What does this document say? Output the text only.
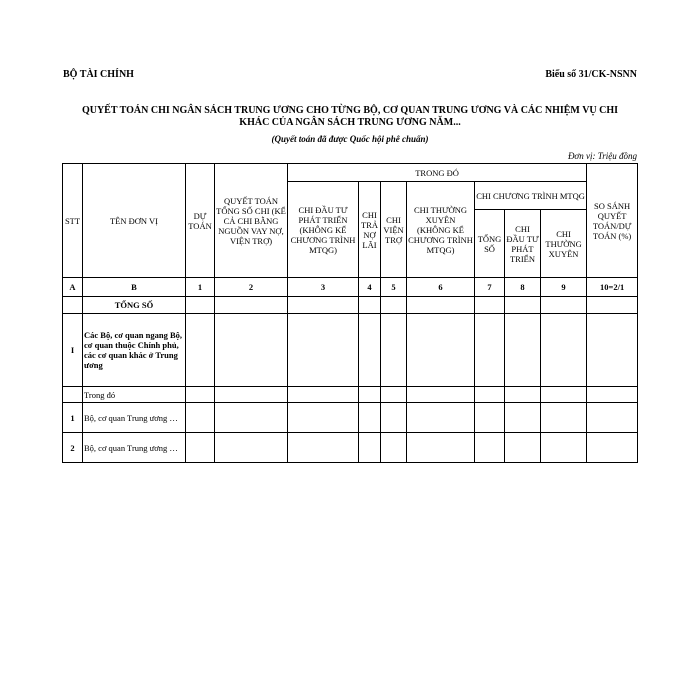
BỘ TÀI CHÍNH	Biểu số 31/CK-NSNN
QUYẾT TOÁN CHI NGÂN SÁCH TRUNG ƯƠNG CHO TỪNG BỘ, CƠ QUAN TRUNG ƯƠNG VÀ CÁC NHIỆM VỤ CHI
KHÁC CỦA NGÂN SÁCH TRUNG ƯƠNG NĂM...
(Quyết toán đã được Quốc hội phê chuẩn)
Đơn vị: Triệu đồng
STT	TÊN ĐƠN VỊ	DỰ TOÁN	QUYẾT TOÁN TỔNG SỐ CHI (KỂ CẢ CHI BẰNG NGUỒN VAY NỢ, VIỆN TRỢ)	TRONG ĐÓ							SO SÁNH QUYẾT TOÁN/DỰ TOÁN (%)
				CHI ĐẦU TƯ PHÁT TRIỂN (KHÔNG KỂ CHƯƠNG TRÌNH MTQG)	CHI TRẢ NỢ LÃI	CHI VIỆN TRỢ	CHI THƯỜNG XUYÊN (KHÔNG KỂ CHƯƠNG TRÌNH MTQG)	CHI CHƯƠNG TRÌNH MTQG			
								TỔNG SỐ	CHI ĐẦU TƯ PHÁT TRIỂN	CHI THƯỜNG XUYÊN	
A	B	1	2	3	4	5	6	7	8	9	10=2/1
	TỔNG SỐ										
I	Các Bộ, cơ quan ngang Bộ, cơ quan thuộc Chính phủ, các cơ quan khác ở Trung ương										
	Trong đó										
1	Bộ, cơ quan Trung ương …										
2	Bộ, cơ quan Trung ương …										
